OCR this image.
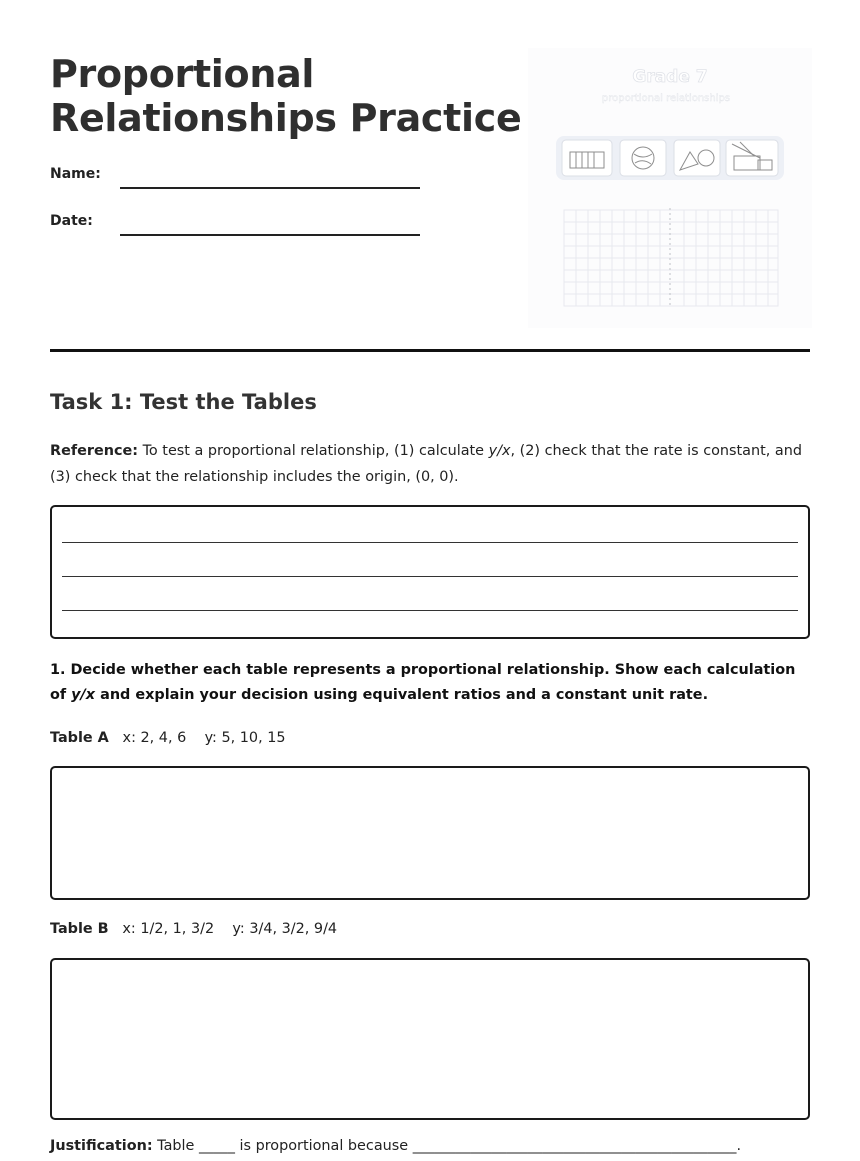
Proportional
Relationships Practice
Name:
Date:
Grade 7
proportional relationships
Task 1: Test the Tables
Reference: To test a proportional relationship, (1) calculate y/x, (2) check that the rate is constant, and (3) check that the relationship includes the origin, (0, 0).
1. Decide whether each table represents a proportional relationship. Show each calculation of y/x and explain your decision using equivalent ratios and a constant unit rate.
Table A x: 2, 4, 6 y: 5, 10, 15
Table B x: 1/2, 1, 3/2 y: 3/4, 3/2, 9/4
Justification: Table _____ is proportional because _____________________________________________.
